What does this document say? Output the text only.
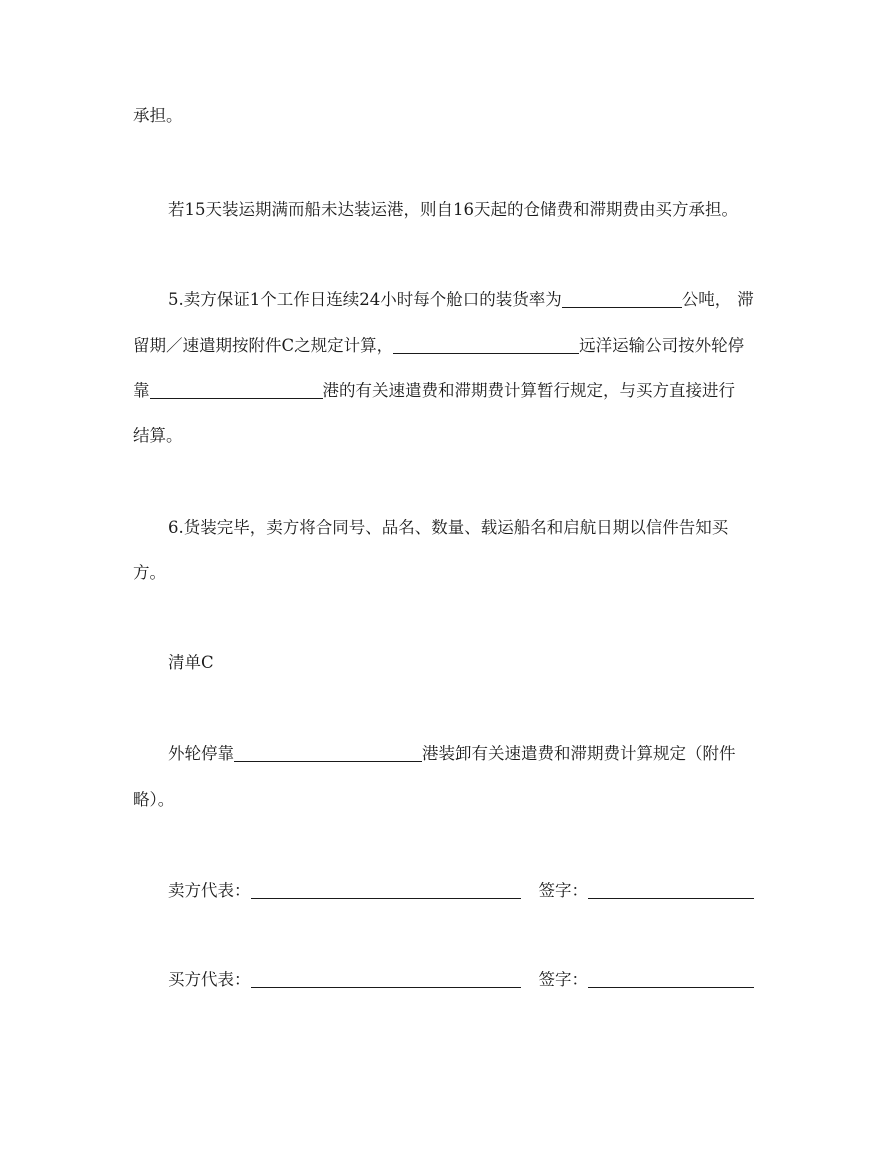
承担。
若15天装运期满而船未达装运港，则自16天起的仓储费和滞期费由买方承担。
5.卖方保证1个工作日连续24小时每个舱口的装货率为	公吨， 滞
留期／速遣期按附件C之规定计算，	远洋运输公司按外轮停
靠	港的有关速遣费和滞期费计算暂行规定，与买方直接进行
结算。
6.货装完毕，卖方将合同号、品名、数量、载运船名和启航日期以信件告知买
方。
清单C
外轮停靠	港装卸有关速遣费和滞期费计算规定（附件
略）。
卖方代表：	签字：
买方代表：	签字：
